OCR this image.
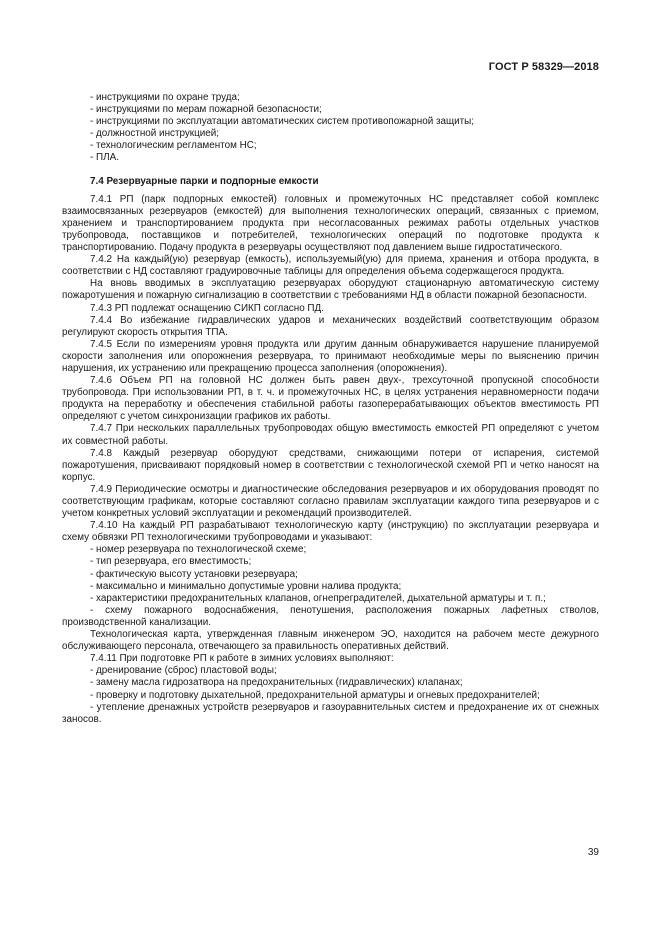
ГОСТ Р 58329—2018
- инструкциями по охране труда;
- инструкциями по мерам пожарной безопасности;
- инструкциями по эксплуатации автоматических систем противопожарной защиты;
- должностной инструкцией;
- технологическим регламентом НС;
- ПЛА.
7.4 Резервуарные парки и подпорные емкости
7.4.1 РП (парк подпорных емкостей) головных и промежуточных НС представляет собой комплекс взаимосвязанных резервуаров (емкостей) для выполнения технологических операций, связанных с приемом, хранением и транспортированием продукта при несогласованных режимах работы отдельных участков трубопровода, поставщиков и потребителей, технологических операций по подготовке продукта к транспортированию. Подачу продукта в резервуары осуществляют под давлением выше гидростатического.
7.4.2 На каждый(ую) резервуар (емкость), используемый(ую) для приема, хранения и отбора продукта, в соответствии с НД составляют градуировочные таблицы для определения объема содержащегося продукта.
На вновь вводимых в эксплуатацию резервуарах оборудуют стационарную автоматическую систему пожаротушения и пожарную сигнализацию в соответствии с требованиями НД в области пожарной безопасности.
7.4.3 РП подлежат оснащению СИКП согласно ПД.
7.4.4 Во избежание гидравлических ударов и механических воздействий соответствующим образом регулируют скорость открытия ТПА.
7.4.5 Если по измерениям уровня продукта или другим данным обнаруживается нарушение планируемой скорости заполнения или опорожнения резервуара, то принимают необходимые меры по выяснению причин нарушения, их устранению или прекращению процесса заполнения (опорожнения).
7.4.6 Объем РП на головной НС должен быть равен двух-, трехсуточной пропускной способности трубопровода. При использовании РП, в т. ч. и промежуточных НС, в целях устранения неравномерности подачи продукта на переработку и обеспечения стабильной работы газоперерабатывающих объектов вместимость РП определяют с учетом синхронизации графиков их работы.
7.4.7 При нескольких параллельных трубопроводах общую вместимость емкостей РП определяют с учетом их совместной работы.
7.4.8 Каждый резервуар оборудуют средствами, снижающими потери от испарения, системой пожаротушения, присваивают порядковый номер в соответствии с технологической схемой РП и четко наносят на корпус.
7.4.9 Периодические осмотры и диагностические обследования резервуаров и их оборудования проводят по соответствующим графикам, которые составляют согласно правилам эксплуатации каждого типа резервуаров и с учетом конкретных условий эксплуатации и рекомендаций производителей.
7.4.10 На каждый РП разрабатывают технологическую карту (инструкцию) по эксплуатации резервуара и схему обвязки РП технологическими трубопроводами и указывают:
- номер резервуара по технологической схеме;
- тип резервуара, его вместимость;
- фактическую высоту установки резервуара;
- максимально и минимально допустимые уровни налива продукта;
- характеристики предохранительных клапанов, огнепреградителей, дыхательной арматуры и т. п.;
- схему пожарного водоснабжения, пенотушения, расположения пожарных лафетных стволов, производственной канализации.
Технологическая карта, утвержденная главным инженером ЭО, находится на рабочем месте дежурного обслуживающего персонала, отвечающего за правильность оперативных действий.
7.4.11 При подготовке РП к работе в зимних условиях выполняют:
- дренирование (сброс) пластовой воды;
- замену масла гидрозатвора на предохранительных (гидравлических) клапанах;
- проверку и подготовку дыхательной, предохранительной арматуры и огневых предохранителей;
- утепление дренажных устройств резервуаров и газоуравнительных систем и предохранение их от снежных заносов.
39
